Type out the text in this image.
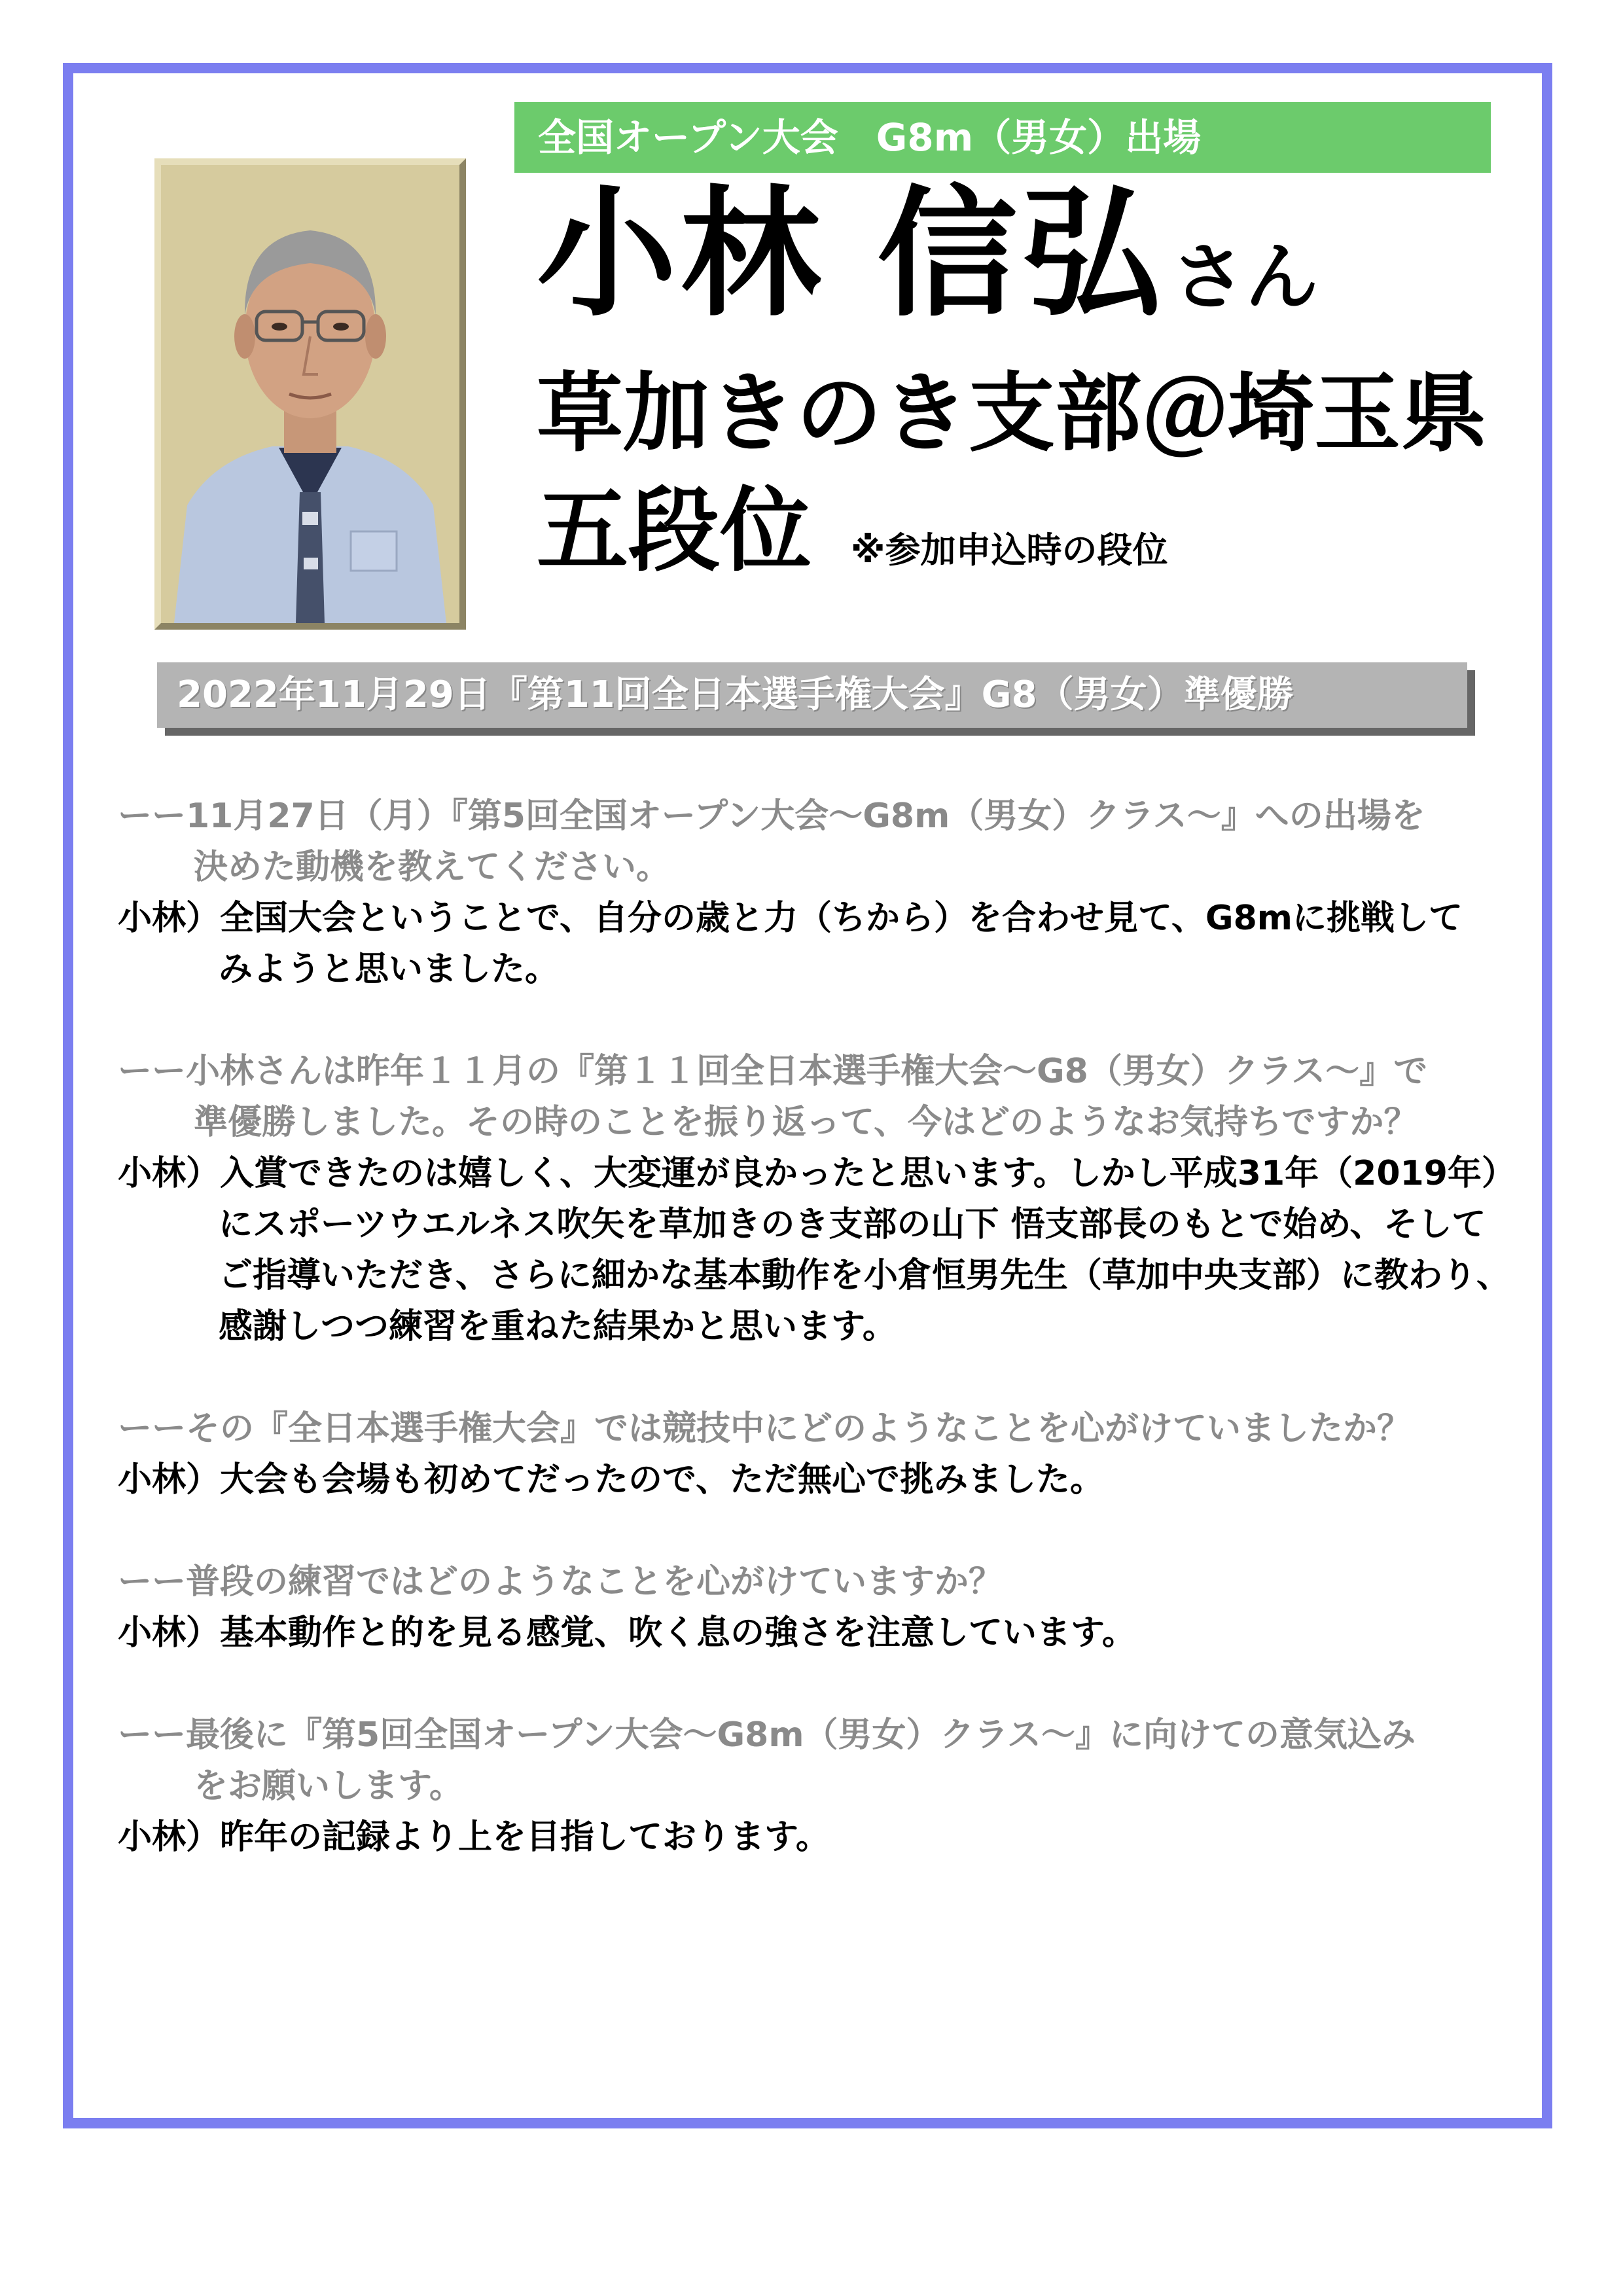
全国オープン大会　G8m（男女）出場
小林 信弘さん
草加きのき支部＠埼玉県
五段位 ※参加申込時の段位
2022年11月29日『第11回全日本選手権大会』G8（男女）準優勝
ーー11月27日（月）『第5回全国オープン大会～G8m（男女）クラス～』への出場を
決めた動機を教えてください。
小林）全国大会ということで、自分の歳と力（ちから）を合わせ見て、G8mに挑戦して
みようと思いました。
ーー小林さんは昨年１１月の『第１１回全日本選手権大会～G8（男女）クラス～』で
準優勝しました。その時のことを振り返って、今はどのようなお気持ちですか？
小林）入賞できたのは嬉しく、大変運が良かったと思います。しかし平成31年（2019年）
にスポーツウエルネス吹矢を草加きのき支部の山下 悟支部長のもとで始め、そして
ご指導いただき、さらに細かな基本動作を小倉恒男先生（草加中央支部）に教わり、
感謝しつつ練習を重ねた結果かと思います。
ーーその『全日本選手権大会』では競技中にどのようなことを心がけていましたか？
小林）大会も会場も初めてだったので、ただ無心で挑みました。
ーー普段の練習ではどのようなことを心がけていますか？
小林）基本動作と的を見る感覚、吹く息の強さを注意しています。
ーー最後に『第5回全国オープン大会～G8m（男女）クラス～』に向けての意気込み
をお願いします。
小林）昨年の記録より上を目指しております。
